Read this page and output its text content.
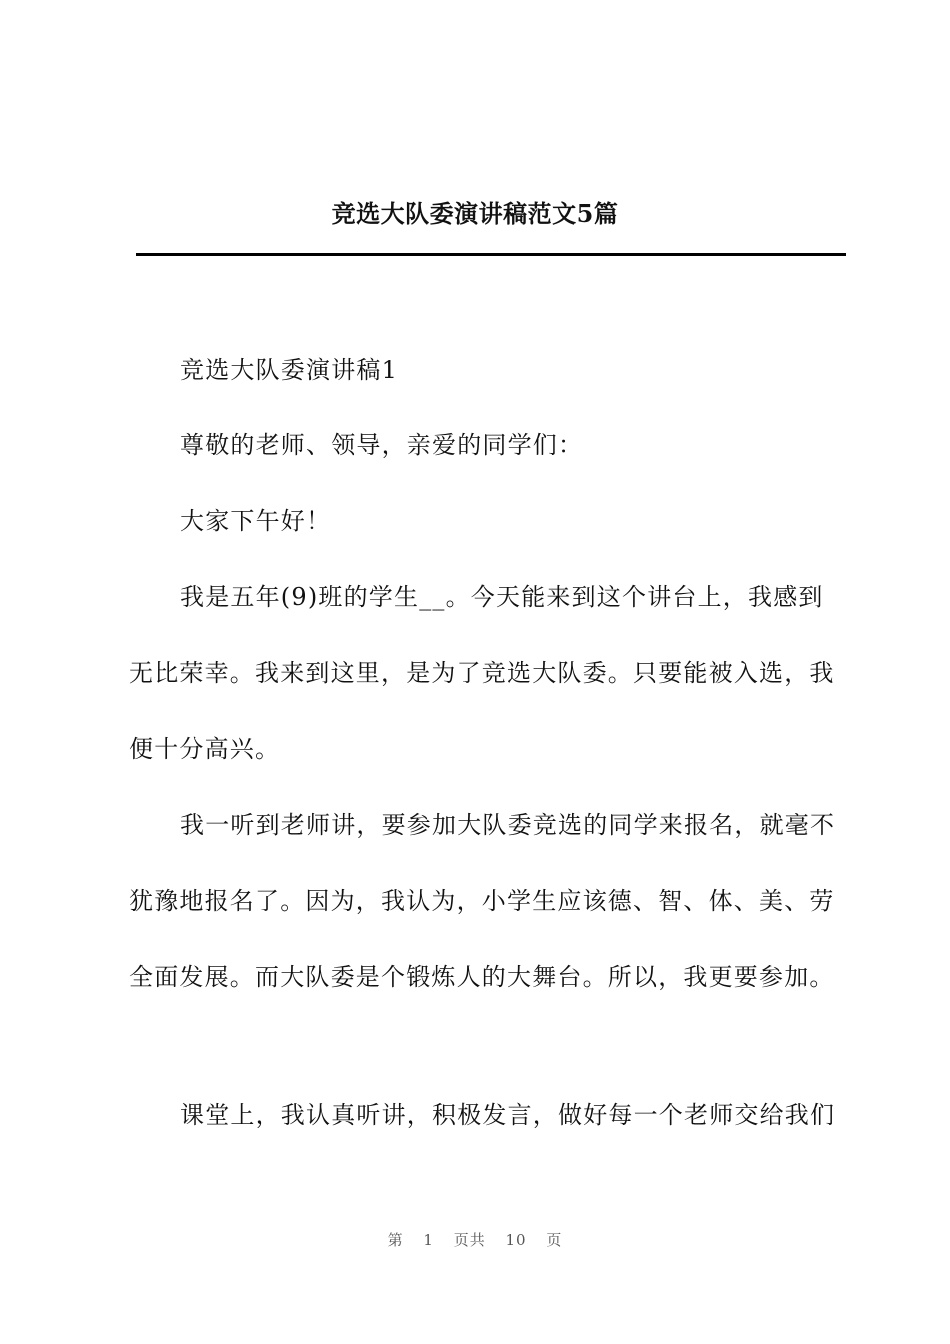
竞选大队委演讲稿范文5篇

竞选大队委演讲稿1

尊敬的老师、领导，亲爱的同学们：

大家下午好！

我是五年(9)班的学生__。今天能来到这个讲台上，我感到

无比荣幸。我来到这里，是为了竞选大队委。只要能被入选，我

便十分高兴。

我一听到老师讲，要参加大队委竞选的同学来报名，就毫不

犹豫地报名了。因为，我认为，小学生应该德、智、体、美、劳

全面发展。而大队委是个锻炼人的大舞台。所以，我更要参加。

课堂上，我认真听讲，积极发言，做好每一个老师交给我们

第 1 页共 10 页
